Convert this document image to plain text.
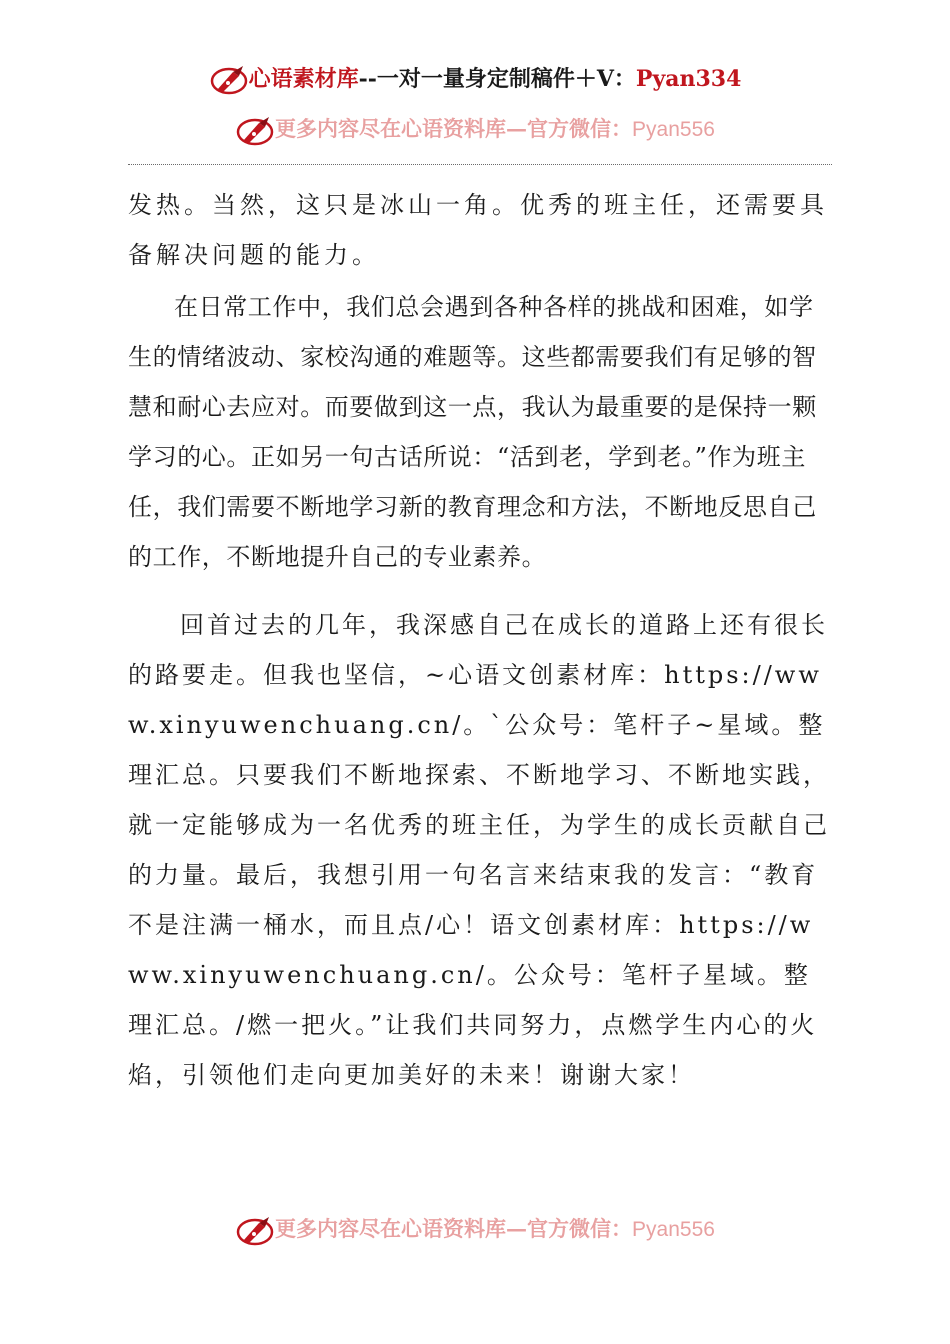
心语素材库--一对一量身定制稿件＋V：Pyan334
更多内容尽在心语资料库—官方微信：Pyan556

发热。当然，这只是冰山一角。优秀的班主任，还需要具备解决问题的能力。

在日常工作中，我们总会遇到各种各样的挑战和困难，如学生的情绪波动、家校沟通的难题等。这些都需要我们有足够的智慧和耐心去应对。而要做到这一点，我认为最重要的是保持一颗学习的心。正如另一句古话所说：“活到老，学到老。”作为班主任，我们需要不断地学习新的教育理念和方法，不断地反思自己的工作，不断地提升自己的专业素养。

回首过去的几年，我深感自己在成长的道路上还有很长的路要走。但我也坚信，~心语文创素材库：https://www.xinyuwenchuang.cn/。`公众号：笔杆子~星域。整理汇总。只要我们不断地探索、不断地学习、不断地实践，就一定能够成为一名优秀的班主任，为学生的成长贡献自己的力量。最后，我想引用一句名言来结束我的发言：“教育不是注满一桶水，而且点/心！语文创素材库：https://www.xinyuwenchuang.cn/。公众号：笔杆子星域。整理汇总。/燃一把火。”让我们共同努力，点燃学生内心的火焰，引领他们走向更加美好的未来！谢谢大家！

更多内容尽在心语资料库—官方微信：Pyan556
